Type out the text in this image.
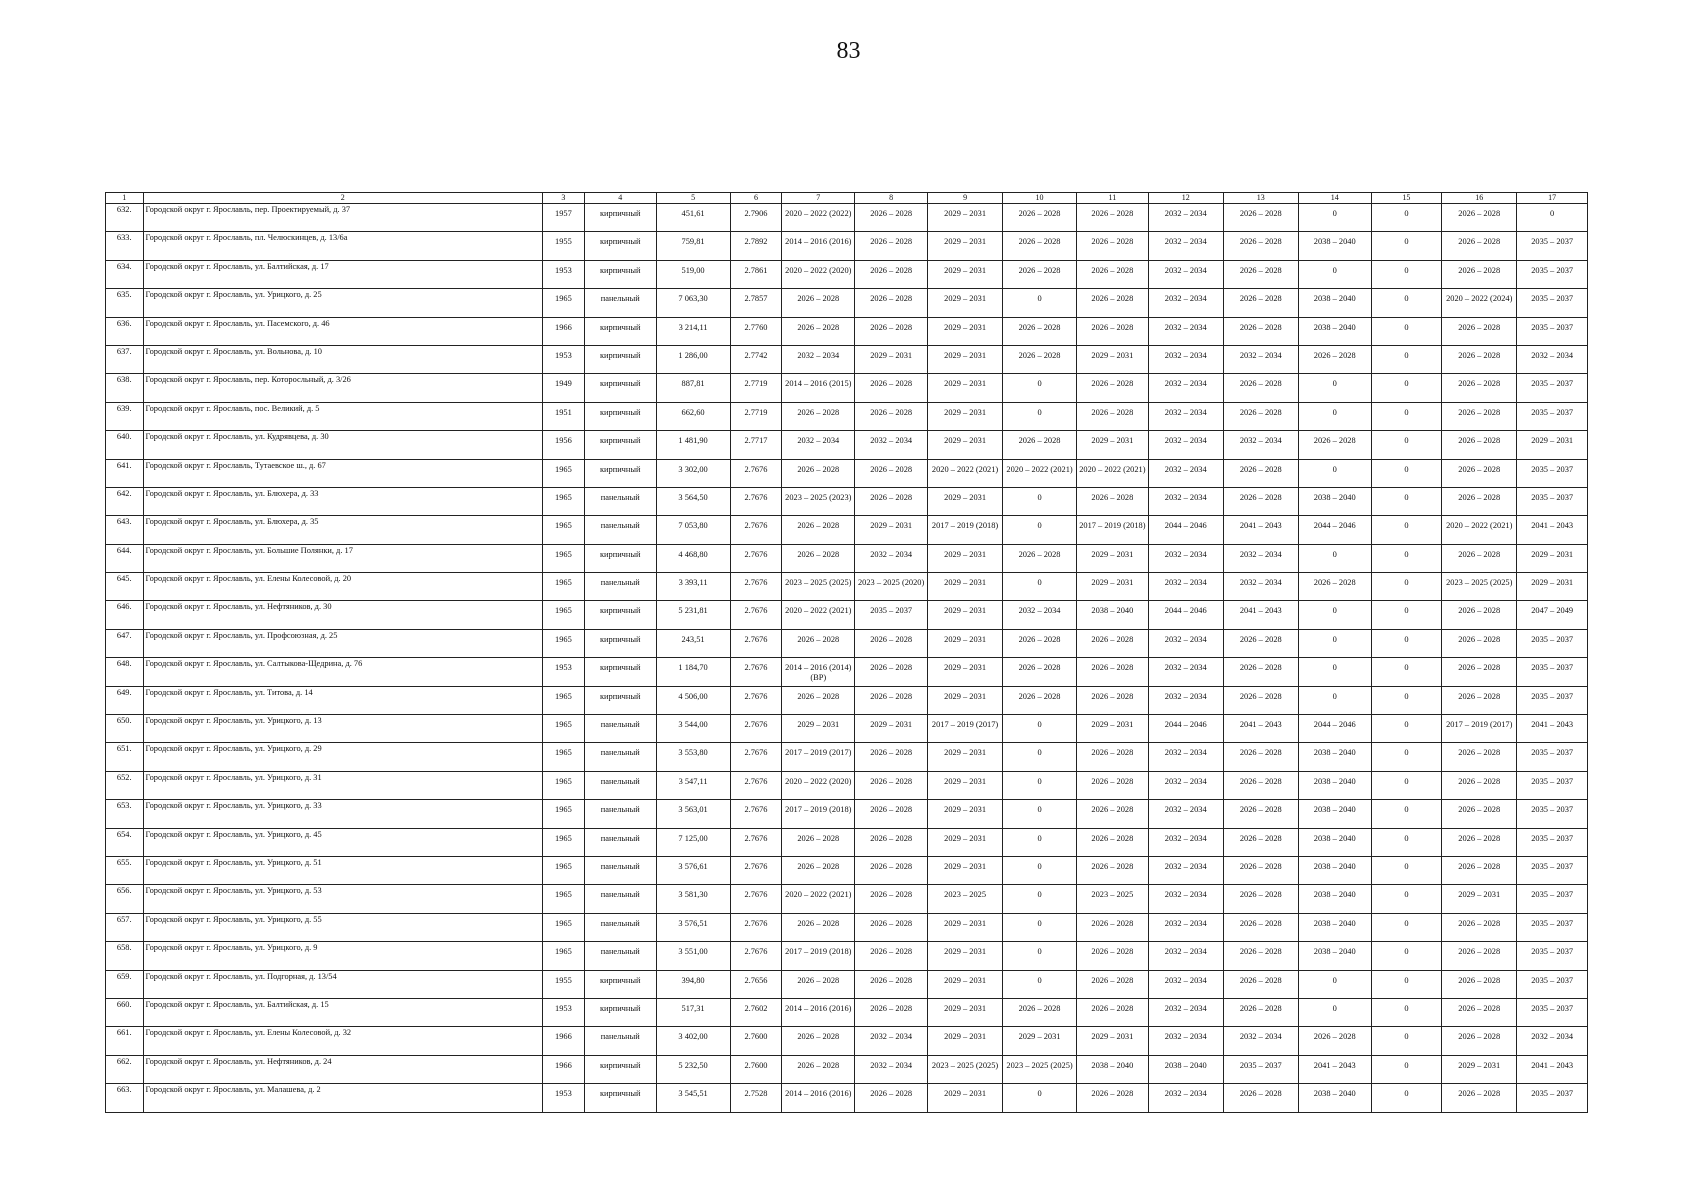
83
1	2	3	4	5	6	7	8	9	10	11	12	13	14	15	16	17
632.	Городской округ г. Ярославль, пер. Проектируемый, д. 37	1957	кирпичный	451,61	2.7906	2020 – 2022 (2022)	2026 – 2028	2029 – 2031	2026 – 2028	2026 – 2028	2032 – 2034	2026 – 2028	0	0	2026 – 2028	0
633.	Городской округ г. Ярославль, пл. Челюскинцев, д. 13/6а	1955	кирпичный	759,81	2.7892	2014 – 2016 (2016)	2026 – 2028	2029 – 2031	2026 – 2028	2026 – 2028	2032 – 2034	2026 – 2028	2038 – 2040	0	2026 – 2028	2035 – 2037
634.	Городской округ г. Ярославль, ул. Балтийская, д. 17	1953	кирпичный	519,00	2.7861	2020 – 2022 (2020)	2026 – 2028	2029 – 2031	2026 – 2028	2026 – 2028	2032 – 2034	2026 – 2028	0	0	2026 – 2028	2035 – 2037
635.	Городской округ г. Ярославль, ул. Урицкого, д. 25	1965	панельный	7 063,30	2.7857	2026 – 2028	2026 – 2028	2029 – 2031	0	2026 – 2028	2032 – 2034	2026 – 2028	2038 – 2040	0	2020 – 2022 (2024)	2035 – 2037
636.	Городской округ г. Ярославль, ул. Пасемского, д. 46	1966	кирпичный	3 214,11	2.7760	2026 – 2028	2026 – 2028	2029 – 2031	2026 – 2028	2026 – 2028	2032 – 2034	2026 – 2028	2038 – 2040	0	2026 – 2028	2035 – 2037
637.	Городской округ г. Ярославль, ул. Вольнова, д. 10	1953	кирпичный	1 286,00	2.7742	2032 – 2034	2029 – 2031	2029 – 2031	2026 – 2028	2029 – 2031	2032 – 2034	2032 – 2034	2026 – 2028	0	2026 – 2028	2032 – 2034
638.	Городской округ г. Ярославль, пер. Которосльный, д. 3/26	1949	кирпичный	887,81	2.7719	2014 – 2016 (2015)	2026 – 2028	2029 – 2031	0	2026 – 2028	2032 – 2034	2026 – 2028	0	0	2026 – 2028	2035 – 2037
639.	Городской округ г. Ярославль, пос. Великий, д. 5	1951	кирпичный	662,60	2.7719	2026 – 2028	2026 – 2028	2029 – 2031	0	2026 – 2028	2032 – 2034	2026 – 2028	0	0	2026 – 2028	2035 – 2037
640.	Городской округ г. Ярославль, ул. Кудрявцева, д. 30	1956	кирпичный	1 481,90	2.7717	2032 – 2034	2032 – 2034	2029 – 2031	2026 – 2028	2029 – 2031	2032 – 2034	2032 – 2034	2026 – 2028	0	2026 – 2028	2029 – 2031
641.	Городской округ г. Ярославль, Тутаевское ш., д. 67	1965	кирпичный	3 302,00	2.7676	2026 – 2028	2026 – 2028	2020 – 2022 (2021)	2020 – 2022 (2021)	2020 – 2022 (2021)	2032 – 2034	2026 – 2028	0	0	2026 – 2028	2035 – 2037
642.	Городской округ г. Ярославль, ул. Блюхера, д. 33	1965	панельный	3 564,50	2.7676	2023 – 2025 (2023)	2026 – 2028	2029 – 2031	0	2026 – 2028	2032 – 2034	2026 – 2028	2038 – 2040	0	2026 – 2028	2035 – 2037
643.	Городской округ г. Ярославль, ул. Блюхера, д. 35	1965	панельный	7 053,80	2.7676	2026 – 2028	2029 – 2031	2017 – 2019 (2018)	0	2017 – 2019 (2018)	2044 – 2046	2041 – 2043	2044 – 2046	0	2020 – 2022 (2021)	2041 – 2043
644.	Городской округ г. Ярославль, ул. Большие Полянки, д. 17	1965	кирпичный	4 468,80	2.7676	2026 – 2028	2032 – 2034	2029 – 2031	2026 – 2028	2029 – 2031	2032 – 2034	2032 – 2034	0	0	2026 – 2028	2029 – 2031
645.	Городской округ г. Ярославль, ул. Елены Колесовой, д. 20	1965	панельный	3 393,11	2.7676	2023 – 2025 (2025)	2023 – 2025 (2020)	2029 – 2031	0	2029 – 2031	2032 – 2034	2032 – 2034	2026 – 2028	0	2023 – 2025 (2025)	2029 – 2031
646.	Городской округ г. Ярославль, ул. Нефтяников, д. 30	1965	кирпичный	5 231,81	2.7676	2020 – 2022 (2021)	2035 – 2037	2029 – 2031	2032 – 2034	2038 – 2040	2044 – 2046	2041 – 2043	0	0	2026 – 2028	2047 – 2049
647.	Городской округ г. Ярославль, ул. Профсоюзная, д. 25	1965	кирпичный	243,51	2.7676	2026 – 2028	2026 – 2028	2029 – 2031	2026 – 2028	2026 – 2028	2032 – 2034	2026 – 2028	0	0	2026 – 2028	2035 – 2037
648.	Городской округ г. Ярославль, ул. Салтыкова-Щедрина, д. 76	1953	кирпичный	1 184,70	2.7676	2014 – 2016 (2014) (ВР)	2026 – 2028	2029 – 2031	2026 – 2028	2026 – 2028	2032 – 2034	2026 – 2028	0	0	2026 – 2028	2035 – 2037
649.	Городской округ г. Ярославль, ул. Титова, д. 14	1965	кирпичный	4 506,00	2.7676	2026 – 2028	2026 – 2028	2029 – 2031	2026 – 2028	2026 – 2028	2032 – 2034	2026 – 2028	0	0	2026 – 2028	2035 – 2037
650.	Городской округ г. Ярославль, ул. Урицкого, д. 13	1965	панельный	3 544,00	2.7676	2029 – 2031	2029 – 2031	2017 – 2019 (2017)	0	2029 – 2031	2044 – 2046	2041 – 2043	2044 – 2046	0	2017 – 2019 (2017)	2041 – 2043
651.	Городской округ г. Ярославль, ул. Урицкого, д. 29	1965	панельный	3 553,80	2.7676	2017 – 2019 (2017)	2026 – 2028	2029 – 2031	0	2026 – 2028	2032 – 2034	2026 – 2028	2038 – 2040	0	2026 – 2028	2035 – 2037
652.	Городской округ г. Ярославль, ул. Урицкого, д. 31	1965	панельный	3 547,11	2.7676	2020 – 2022 (2020)	2026 – 2028	2029 – 2031	0	2026 – 2028	2032 – 2034	2026 – 2028	2038 – 2040	0	2026 – 2028	2035 – 2037
653.	Городской округ г. Ярославль, ул. Урицкого, д. 33	1965	панельный	3 563,01	2.7676	2017 – 2019 (2018)	2026 – 2028	2029 – 2031	0	2026 – 2028	2032 – 2034	2026 – 2028	2038 – 2040	0	2026 – 2028	2035 – 2037
654.	Городской округ г. Ярославль, ул. Урицкого, д. 45	1965	панельный	7 125,00	2.7676	2026 – 2028	2026 – 2028	2029 – 2031	0	2026 – 2028	2032 – 2034	2026 – 2028	2038 – 2040	0	2026 – 2028	2035 – 2037
655.	Городской округ г. Ярославль, ул. Урицкого, д. 51	1965	панельный	3 576,61	2.7676	2026 – 2028	2026 – 2028	2029 – 2031	0	2026 – 2028	2032 – 2034	2026 – 2028	2038 – 2040	0	2026 – 2028	2035 – 2037
656.	Городской округ г. Ярославль, ул. Урицкого, д. 53	1965	панельный	3 581,30	2.7676	2020 – 2022 (2021)	2026 – 2028	2023 – 2025	0	2023 – 2025	2032 – 2034	2026 – 2028	2038 – 2040	0	2029 – 2031	2035 – 2037
657.	Городской округ г. Ярославль, ул. Урицкого, д. 55	1965	панельный	3 576,51	2.7676	2026 – 2028	2026 – 2028	2029 – 2031	0	2026 – 2028	2032 – 2034	2026 – 2028	2038 – 2040	0	2026 – 2028	2035 – 2037
658.	Городской округ г. Ярославль, ул. Урицкого, д. 9	1965	панельный	3 551,00	2.7676	2017 – 2019 (2018)	2026 – 2028	2029 – 2031	0	2026 – 2028	2032 – 2034	2026 – 2028	2038 – 2040	0	2026 – 2028	2035 – 2037
659.	Городской округ г. Ярославль, ул. Подгорная, д. 13/54	1955	кирпичный	394,80	2.7656	2026 – 2028	2026 – 2028	2029 – 2031	0	2026 – 2028	2032 – 2034	2026 – 2028	0	0	2026 – 2028	2035 – 2037
660.	Городской округ г. Ярославль, ул. Балтийская, д. 15	1953	кирпичный	517,31	2.7602	2014 – 2016 (2016)	2026 – 2028	2029 – 2031	2026 – 2028	2026 – 2028	2032 – 2034	2026 – 2028	0	0	2026 – 2028	2035 – 2037
661.	Городской округ г. Ярославль, ул. Елены Колесовой, д. 32	1966	панельный	3 402,00	2.7600	2026 – 2028	2032 – 2034	2029 – 2031	2029 – 2031	2029 – 2031	2032 – 2034	2032 – 2034	2026 – 2028	0	2026 – 2028	2032 – 2034
662.	Городской округ г. Ярославль, ул. Нефтяников, д. 24	1966	кирпичный	5 232,50	2.7600	2026 – 2028	2032 – 2034	2023 – 2025 (2025)	2023 – 2025 (2025)	2038 – 2040	2038 – 2040	2035 – 2037	2041 – 2043	0	2029 – 2031	2041 – 2043
663.	Городской округ г. Ярославль, ул. Малашева, д. 2	1953	кирпичный	3 545,51	2.7528	2014 – 2016 (2016)	2026 – 2028	2029 – 2031	0	2026 – 2028	2032 – 2034	2026 – 2028	2038 – 2040	0	2026 – 2028	2035 – 2037
